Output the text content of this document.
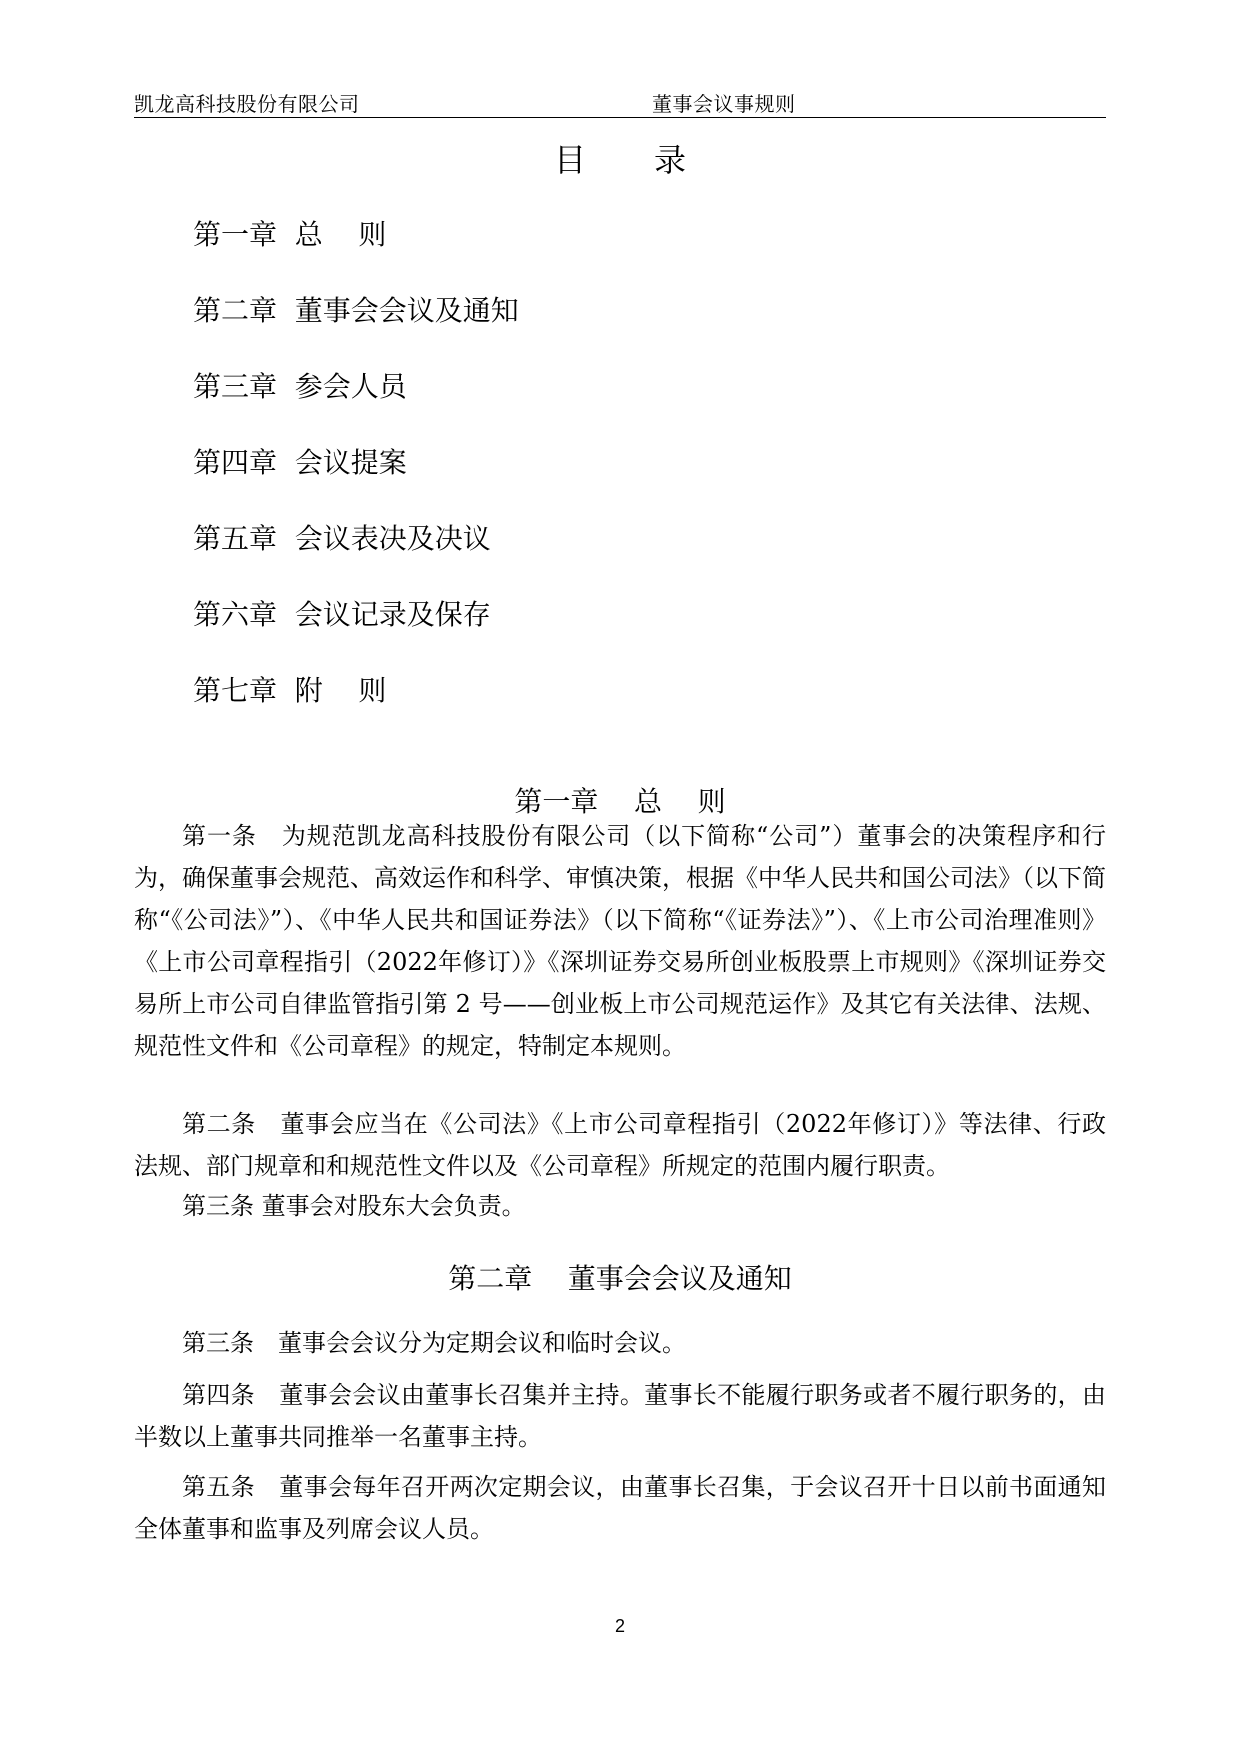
凯龙高科技股份有限公司	董事会议事规则
目 录
第一章  总    则
第二章  董事会会议及通知
第三章  参会人员
第四章  会议提案
第五章  会议表决及决议
第六章  会议记录及保存
第七章  附    则
第一章    总    则
第一条　为规范凯龙高科技股份有限公司（以下简称“公司”）董事会的决策程序和行为，确保董事会规范、高效运作和科学、审慎决策，根据《中华人民共和国公司法》（以下简称“《公司法》”）、《中华人民共和国证券法》（以下简称“《证券法》”）、《上市公司治理准则》《上市公司章程指引（2022年修订）》《深圳证券交易所创业板股票上市规则》《深圳证券交易所上市公司自律监管指引第 2 号——创业板上市公司规范运作》及其它有关法律、法规、规范性文件和《公司章程》的规定，特制定本规则。
第二条　董事会应当在《公司法》《上市公司章程指引（2022年修订）》等法律、行政法规、部门规章和和规范性文件以及《公司章程》所规定的范围内履行职责。
第三条 董事会对股东大会负责。
第二章    董事会会议及通知
第三条　董事会会议分为定期会议和临时会议。
第四条　董事会会议由董事长召集并主持。董事长不能履行职务或者不履行职务的，由半数以上董事共同推举一名董事主持。
第五条　董事会每年召开两次定期会议，由董事长召集，于会议召开十日以前书面通知全体董事和监事及列席会议人员。
2
